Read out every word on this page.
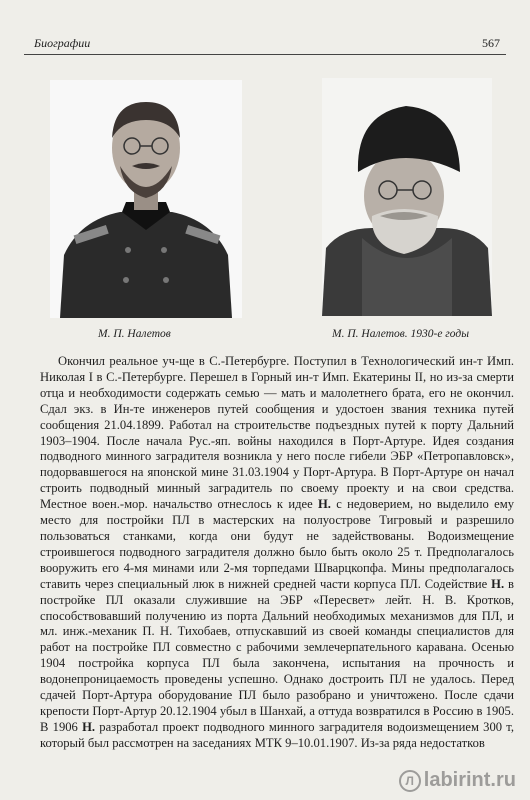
Биографии	567
М. П. Налетов	М. П. Налетов. 1930-е годы

Окончил реальное уч-ще в С.-Петербурге. Поступил в Технологический ин-т Имп. Николая I в С.-Петербурге. Перешел в Горный ин-т Имп. Екатерины II, но из-за смерти отца и необходимости содержать семью — мать и малолетнего брата, его не окончил. Сдал экз. в Ин-те инженеров путей сообщения и удостоен звания техника путей сообщения 21.04.1899. Работал на строительстве подъездных путей к порту Дальний 1903–1904. После начала Рус.-яп. войны находился в Порт-Артуре. Идея создания подводного минного заградителя возникла у него после гибели ЭБР «Петропавловск», подорвавшегося на японской мине 31.03.1904 у Порт-Артура. В Порт-Артуре он начал строить подводный минный заградитель по своему проекту и на свои средства. Местное воен.-мор. начальство отнеслось к идее Н. с недоверием, но выделило ему место для постройки ПЛ в мастерских на полуострове Тигровый и разрешило пользоваться станками, когда они будут не задействованы. Водоизмещение строившегося подводного заградителя должно было быть около 25 т. Предполагалось вооружить его 4-мя минами или 2-мя торпедами Шварцкопфа. Мины предполагалось ставить через специальный люк в нижней средней части корпуса ПЛ. Содействие Н. в постройке ПЛ оказали служившие на ЭБР «Пересвет» лейт. Н. В. Кротков, способствовавший получению из порта Дальний необходимых механизмов для ПЛ, и мл. инж.-механик П. Н. Тихобаев, отпускавший из своей команды специалистов для работ на постройке ПЛ совместно с рабочими землечерпательного каравана. Осенью 1904 постройка корпуса ПЛ была закончена, испытания на прочность и водонепроницаемость проведены успешно. Однако достроить ПЛ не удалось. Перед сдачей Порт-Артура оборудование ПЛ было разобрано и уничтожено. После сдачи крепости Порт-Артур 20.12.1904 убыл в Шанхай, а оттуда возвратился в Россию в 1905. В 1906 Н. разработал проект подводного минного заградителя водоизмещением 300 т, который был рассмотрен на заседаниях МТК 9–10.01.1907. Из-за ряда недостатков

Л labirint.ru
